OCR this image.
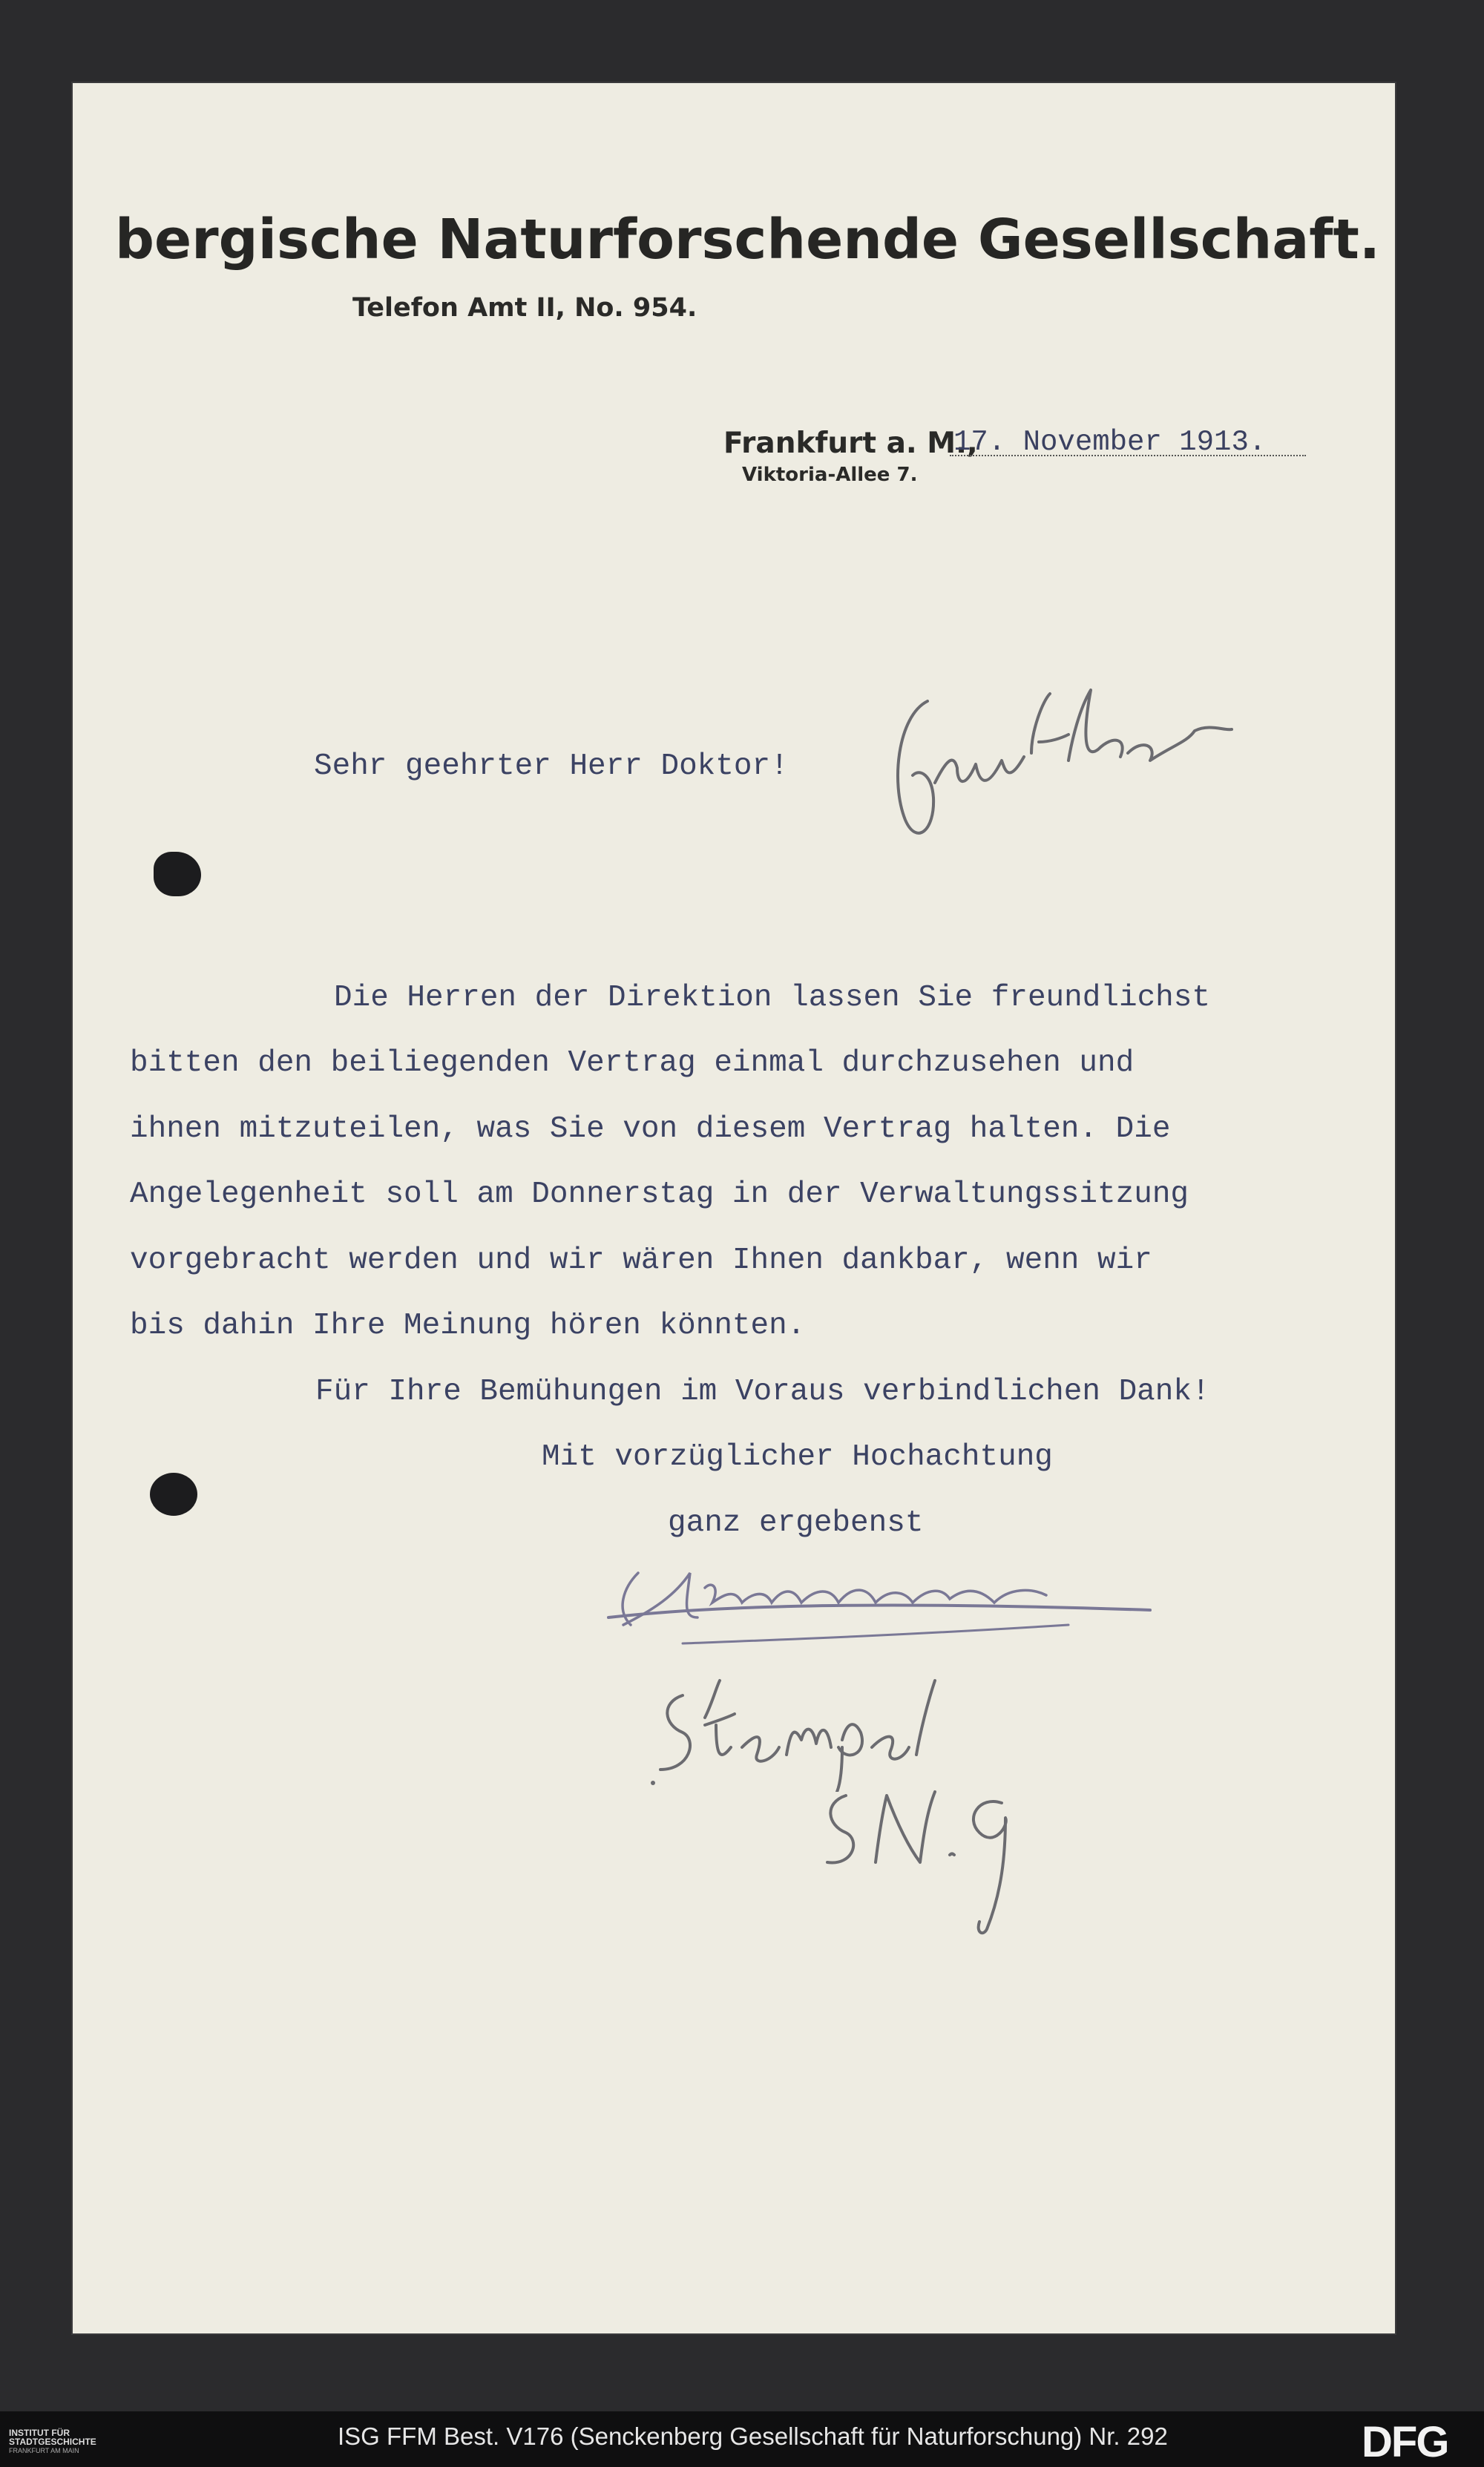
bergische Naturforschende Gesellschaft.
Telefon Amt II, No. 954.
Frankfurt a. M.,
17. November 1913.
Viktoria-Allee 7.
Sehr geehrter Herr Doktor!
Die Herren der Direktion lassen Sie freundlichst
bitten den beiliegenden Vertrag einmal durchzusehen und
ihnen mitzuteilen, was Sie von diesem Vertrag halten. Die
Angelegenheit soll am Donnerstag in der Verwaltungssitzung
vorgebracht werden und wir wären Ihnen dankbar, wenn wir
bis dahin Ihre Meinung hören könnten.
Für Ihre Bemühungen im Voraus verbindlichen Dank!
Mit vorzüglicher Hochachtung
ganz ergebenst
INSTITUT FÜR
STADTGESCHICHTE
FRANKFURT AM MAIN
ISG FFM Best. V176 (Senckenberg Gesellschaft für Naturforschung) Nr. 292	DFG
